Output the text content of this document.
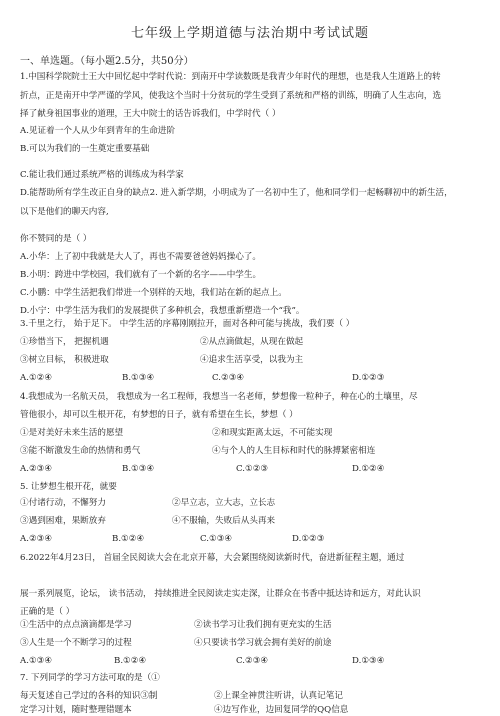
七年级上学期道德与法治期中考试试题
一、单选题。（每小题2.5分，共50分）
1.中国科学院院士王大中回忆起中学时代说：到南开中学读数既是我青少年时代的理想，也是我人生道路上的转
折点，正是南开中学严谨的学风，使我这个当时十分贫玩的学生受到了系统和严格的训练，明确了人生志向，选
择了献身祖国事业的道理，王大中院士的话告诉我们，中学时代（ ）
A.见证着一个人从少年到青年的生命进阶
B.可以为我们的一生奠定重要基础
C.能让我们通过系统严格的训练成为科学家
D.能帮助所有学生改正自身的缺点2. 进入新学期，小明成为了一名初中生了，他和同学们一起畅聊初中的新生活，
以下是他们的聊天内容,
你不赞同的是（ ）
A.小华：上了初中我就是大人了，再也不需要爸爸妈妈操心了。
B.小明：跨进中学校园，我们就有了一个新的名字——中学生。
C.小鹏：中学生活把我们带进一个别样的天地，我们站在新的起点上。
D.小宁：中学生活为我们的发展提供了多种机会，我想重新塑造一个“我”。
3.千里之行， 始于足下。 中学生活的序幕刚刚拉开，面对各种可能与挑战，我们要（ ）
①珍惜当下， 把握机遇	②从点滴做起，从现在做起
③树立目标， 积极进取	④追求生活享受，以我为主
A.①②④	B.①③④	C.②③④	D.①②③
4.我想成为一名航天员， 我想成为一名工程师，我想当一名老师，梦想像一粒种子，种在心的土壤里，尽
管他很小，却可以生根开花，有梦想的日子，就有希望在生长，梦想（ ）
①是对美好未来生活的愿望	②和现实距离太远，不可能实现
③能不断激发生命的热情和勇气	④与个人的人生目标和时代的脉搏紧密相连
A.②③④	B.①③④	C.①②③	D.①②④
5. 让梦想生根开花，就要
①付诸行动，不懈努力	②早立志，立大志，立长志
③遇到困难，果断放弃	④不服输，失败后从头再来
A.②③④	B.①②④	C.①③④	D.①②③
6.2022年4月23日， 首届全民阅读大会在北京开幕，大会紧围绕阅读新时代，奋进新征程主题，通过
展一系列展览，论坛， 读书活动， 持续推进全民阅读走实走深，让群众在书香中抵达诗和远方，对此认识
正确的是（ ）
①生活中的点点滴滴都是学习	②读书学习让我们拥有更充实的生活
③人生是一个不断学习的过程	④只要读书学习就会拥有美好的前途
A.①③④	B.①②④	C.②③④	D.①③④
7. 下列同学的学习方法可取的是（①
每天复述自己学过的各科的知识③制	②上课全神贯注听讲，认真记笔记
定学习计划，随时整理错题本	④边写作业，边回复同学的QQ信息
